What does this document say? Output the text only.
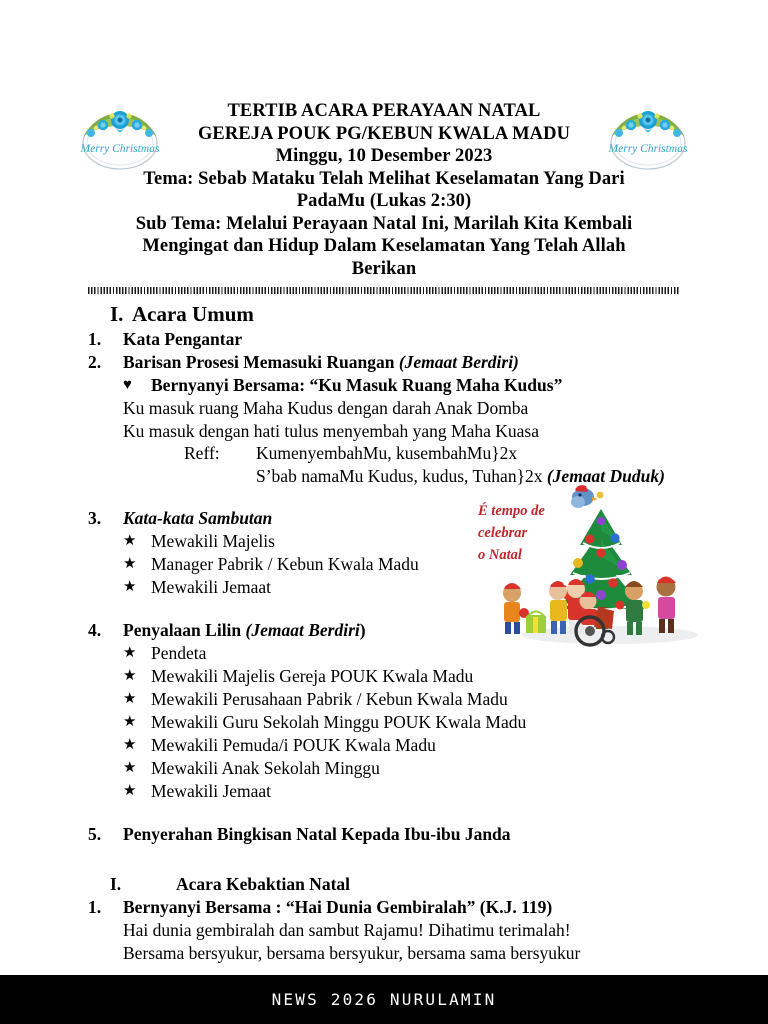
Merry Christmas	Merry Christmas
TERTIB ACARA PERAYAAN NATAL
GEREJA POUK PG/KEBUN KWALA MADU
Minggu, 10 Desember 2023
Tema: Sebab Mataku Telah Melihat Keselamatan Yang Dari
PadaMu (Lukas 2:30)
Sub Tema: Melalui Perayaan Natal Ini, Marilah Kita Kembali
Mengingat dan Hidup Dalam Keselamatan Yang Telah Allah
Berikan
É tempo de
celebrar
o Natal
I. Acara Umum
1.	Kata Pengantar
2.	Barisan Prosesi Memasuki Ruangan (Jemaat Berdiri)
♥	Bernyanyi Bersama: “Ku Masuk Ruang Maha Kudus”
Ku masuk ruang Maha Kudus dengan darah Anak Domba
Ku masuk dengan hati tulus menyembah yang Maha Kuasa
Reff:	KumenyembahMu, kusembahMu}2x
S’bab namaMu Kudus, kudus, Tuhan}2x (Jemaat Duduk)
3.	Kata-kata Sambutan
★ Mewakili Majelis
★ Manager Pabrik / Kebun Kwala Madu
★ Mewakili Jemaat
4.	Penyalaan Lilin (Jemaat Berdiri)
★ Pendeta
★ Mewakili Majelis Gereja POUK Kwala Madu
★ Mewakili Perusahaan Pabrik / Kebun Kwala Madu
★ Mewakili Guru Sekolah Minggu POUK Kwala Madu
★ Mewakili Pemuda/i POUK Kwala Madu
★ Mewakili Anak Sekolah Minggu
★ Mewakili Jemaat
5.	Penyerahan Bingkisan Natal Kepada Ibu-ibu Janda
I.	Acara Kebaktian Natal
1.	Bernyanyi Bersama : “Hai Dunia Gembiralah” (K.J. 119)
Hai dunia gembiralah dan sambut Rajamu! Dihatimu terimalah!
Bersama bersyukur, bersama bersyukur, bersama sama bersyukur
NEWS 2026 NURULAMIN
